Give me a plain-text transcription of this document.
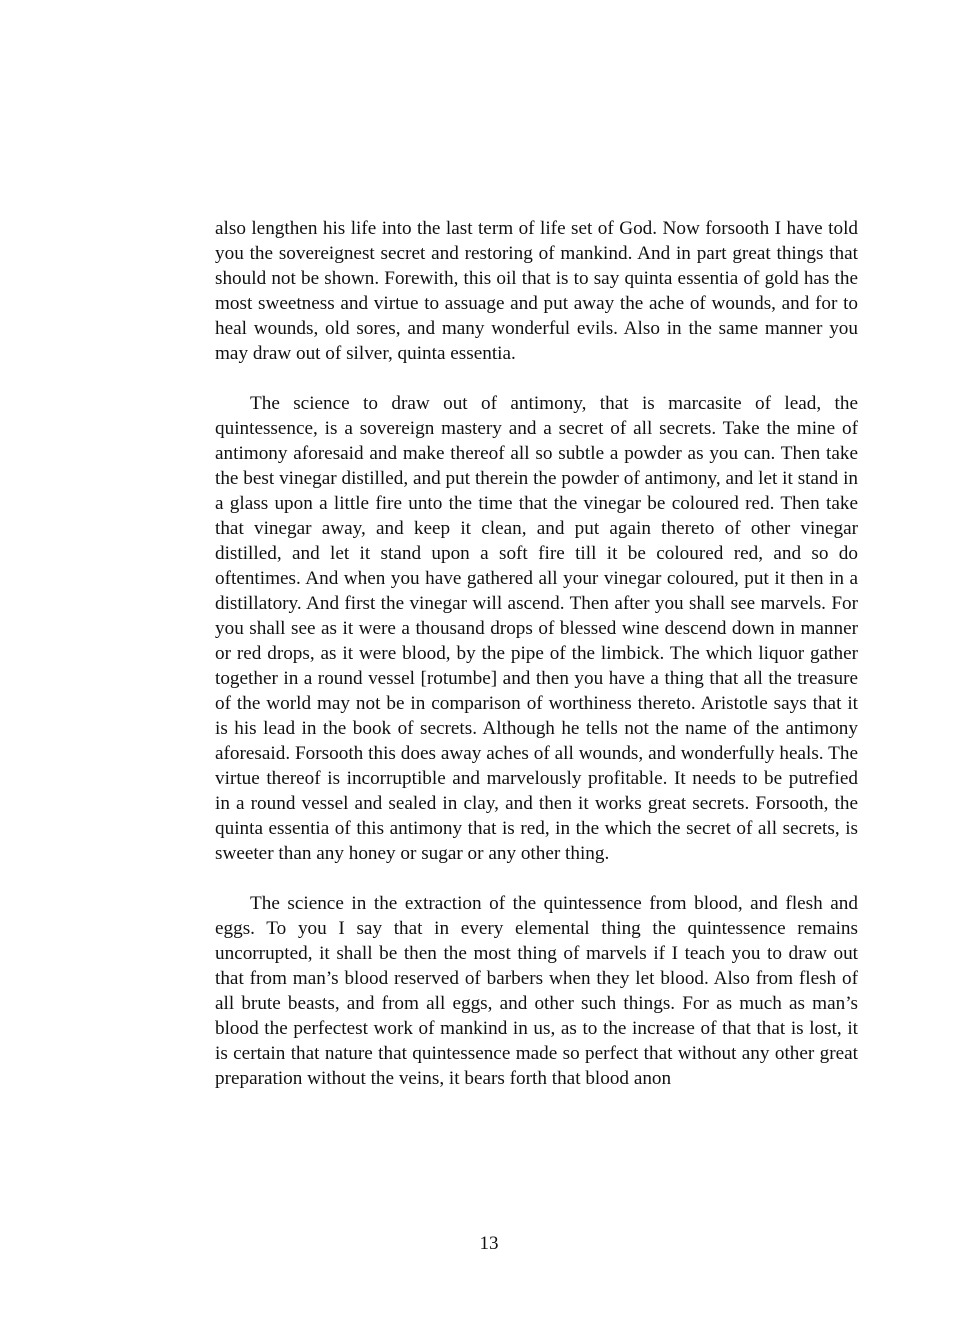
also lengthen his life into the last term of life set of God. Now forsooth I have told you the sovereignest secret and restoring of mankind. And in part great things that should not be shown. Forewith, this oil that is to say quinta essentia of gold has the most sweetness and virtue to assuage and put away the ache of wounds, and for to heal wounds, old sores, and many wonderful evils. Also in the same manner you may draw out of silver, quinta essentia.

The science to draw out of antimony, that is marcasite of lead, the quintessence, is a sovereign mastery and a secret of all secrets. Take the mine of antimony aforesaid and make thereof all so subtle a powder as you can. Then take the best vinegar distilled, and put therein the powder of antimony, and let it stand in a glass upon a little fire unto the time that the vinegar be coloured red. Then take that vinegar away, and keep it clean, and put again thereto of other vinegar distilled, and let it stand upon a soft fire till it be coloured red, and so do oftentimes. And when you have gathered all your vinegar coloured, put it then in a distillatory. And first the vinegar will ascend. Then after you shall see marvels. For you shall see as it were a thousand drops of blessed wine descend down in manner or red drops, as it were blood, by the pipe of the limbick. The which liquor gather together in a round vessel [rotumbe] and then you have a thing that all the treasure of the world may not be in comparison of worthiness thereto. Aristotle says that it is his lead in the book of secrets. Although he tells not the name of the antimony aforesaid. Forsooth this does away aches of all wounds, and wonderfully heals. The virtue thereof is incorruptible and marvelously profitable. It needs to be putrefied in a round vessel and sealed in clay, and then it works great secrets. Forsooth, the quinta essentia of this antimony that is red, in the which the secret of all secrets, is sweeter than any honey or sugar or any other thing.

The science in the extraction of the quintessence from blood, and flesh and eggs. To you I say that in every elemental thing the quintessence remains uncorrupted, it shall be then the most thing of marvels if I teach you to draw out that from man’s blood reserved of barbers when they let blood. Also from flesh of all brute beasts, and from all eggs, and other such things. For as much as man’s blood the perfectest work of mankind in us, as to the increase of that that is lost, it is certain that nature that quintessence made so perfect that without any other great preparation without the veins, it bears forth that blood anon

13
